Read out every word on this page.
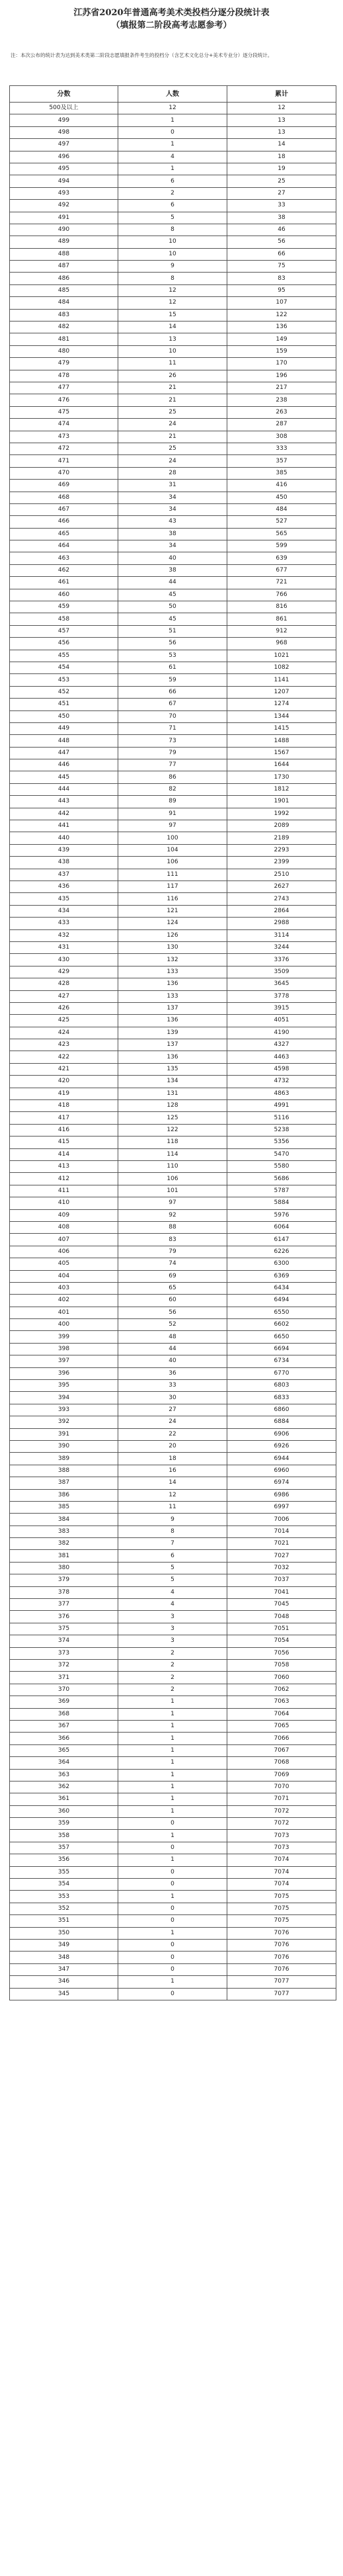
江苏省2020年普通高考美术类投档分逐分段统计表
（填报第二阶段高考志愿参考）
注：本次公布的统计表为达到美术类第二阶段志愿填报条件考生的投档分（含艺术文化总分+美术专业分）逐分段统计。
分数	人数	累计
500及以上	12	12
499	1	13
498	0	13
497	1	14
496	4	18
495	1	19
494	6	25
493	2	27
492	6	33
491	5	38
490	8	46
489	10	56
488	10	66
487	9	75
486	8	83
485	12	95
484	12	107
483	15	122
482	14	136
481	13	149
480	10	159
479	11	170
478	26	196
477	21	217
476	21	238
475	25	263
474	24	287
473	21	308
472	25	333
471	24	357
470	28	385
469	31	416
468	34	450
467	34	484
466	43	527
465	38	565
464	34	599
463	40	639
462	38	677
461	44	721
460	45	766
459	50	816
458	45	861
457	51	912
456	56	968
455	53	1021
454	61	1082
453	59	1141
452	66	1207
451	67	1274
450	70	1344
449	71	1415
448	73	1488
447	79	1567
446	77	1644
445	86	1730
444	82	1812
443	89	1901
442	91	1992
441	97	2089
440	100	2189
439	104	2293
438	106	2399
437	111	2510
436	117	2627
435	116	2743
434	121	2864
433	124	2988
432	126	3114
431	130	3244
430	132	3376
429	133	3509
428	136	3645
427	133	3778
426	137	3915
425	136	4051
424	139	4190
423	137	4327
422	136	4463
421	135	4598
420	134	4732
419	131	4863
418	128	4991
417	125	5116
416	122	5238
415	118	5356
414	114	5470
413	110	5580
412	106	5686
411	101	5787
410	97	5884
409	92	5976
408	88	6064
407	83	6147
406	79	6226
405	74	6300
404	69	6369
403	65	6434
402	60	6494
401	56	6550
400	52	6602
399	48	6650
398	44	6694
397	40	6734
396	36	6770
395	33	6803
394	30	6833
393	27	6860
392	24	6884
391	22	6906
390	20	6926
389	18	6944
388	16	6960
387	14	6974
386	12	6986
385	11	6997
384	9	7006
383	8	7014
382	7	7021
381	6	7027
380	5	7032
379	5	7037
378	4	7041
377	4	7045
376	3	7048
375	3	7051
374	3	7054
373	2	7056
372	2	7058
371	2	7060
370	2	7062
369	1	7063
368	1	7064
367	1	7065
366	1	7066
365	1	7067
364	1	7068
363	1	7069
362	1	7070
361	1	7071
360	1	7072
359	0	7072
358	1	7073
357	0	7073
356	1	7074
355	0	7074
354	0	7074
353	1	7075
352	0	7075
351	0	7075
350	1	7076
349	0	7076
348	0	7076
347	0	7076
346	1	7077
345	0	7077
